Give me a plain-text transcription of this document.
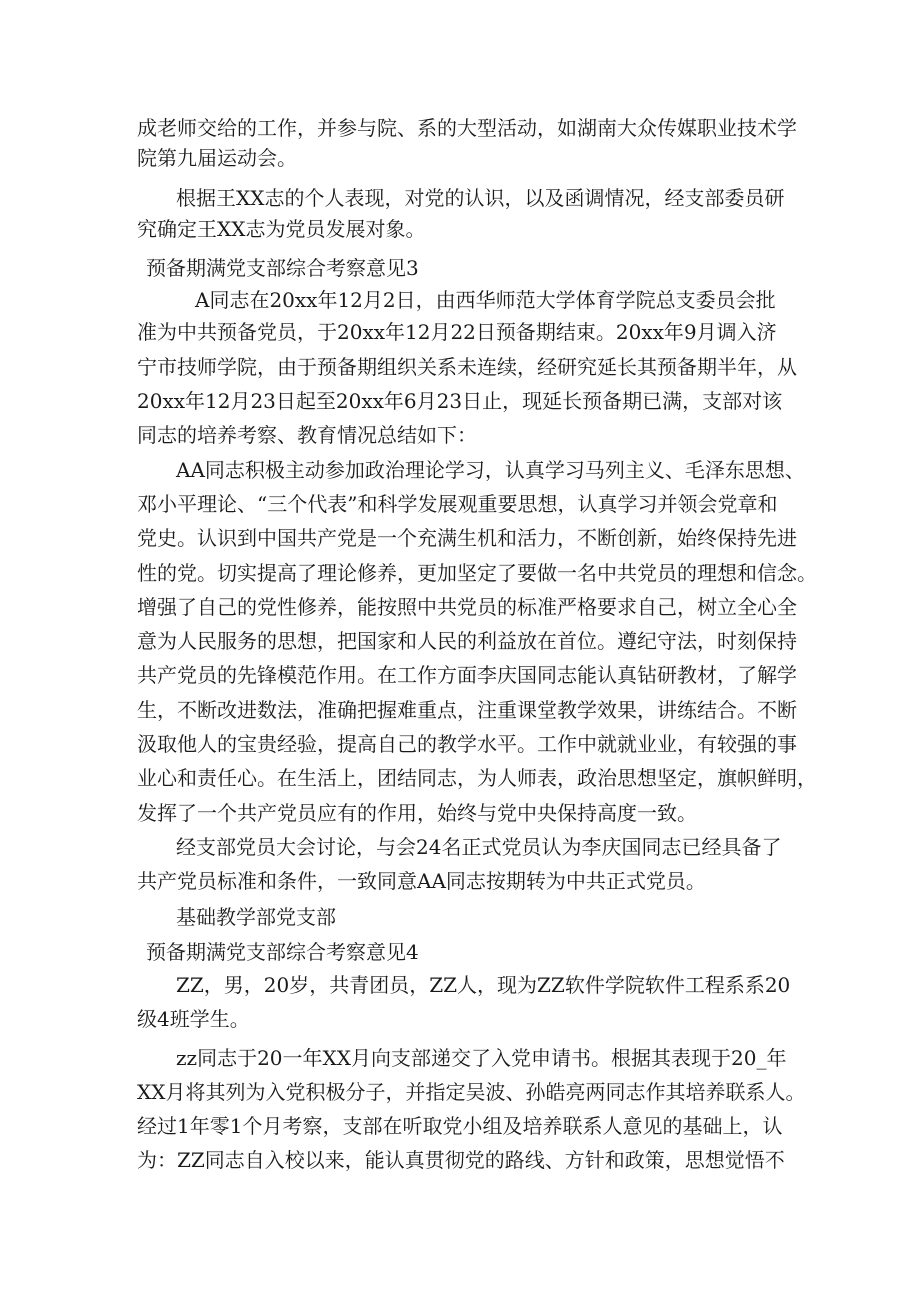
成老师交给的工作，并参与院、系的大型活动，如湖南大众传媒职业技术学
院第九届运动会。
根据王XX志的个人表现，对党的认识，以及函调情况，经支部委员研
究确定王XX志为党员发展对象。
预备期满党支部综合考察意见3
A同志在20xx年12月2日，由西华师范大学体育学院总支委员会批
准为中共预备党员，于20xx年12月22日预备期结束。20xx年9月调入济
宁市技师学院，由于预备期组织关系未连续，经研究延长其预备期半年，从
20xx年12月23日起至20xx年6月23日止，现延长预备期已满，支部对该
同志的培养考察、教育情况总结如下：
AA同志积极主动参加政治理论学习，认真学习马列主义、毛泽东思想、
邓小平理论、“三个代表”和科学发展观重要思想，认真学习并领会党章和
党史。认识到中国共产党是一个充满生机和活力，不断创新，始终保持先进
性的党。切实提高了理论修养，更加坚定了要做一名中共党员的理想和信念。
增强了自己的党性修养，能按照中共党员的标准严格要求自己，树立全心全
意为人民服务的思想，把国家和人民的利益放在首位。遵纪守法，时刻保持
共产党员的先锋模范作用。在工作方面李庆国同志能认真钻研教材，了解学
生，不断改进数法，准确把握难重点，注重课堂教学效果，讲练结合。不断
汲取他人的宝贵经验，提高自己的教学水平。工作中就就业业，有较强的事
业心和责任心。在生活上，团结同志，为人师表，政治思想坚定，旗帜鲜明，
发挥了一个共产党员应有的作用，始终与党中央保持高度一致。
经支部党员大会讨论，与会24名正式党员认为李庆国同志已经具备了
共产党员标准和条件，一致同意AA同志按期转为中共正式党员。
基础教学部党支部
预备期满党支部综合考察意见4
ZZ，男，20岁，共青团员，ZZ人，现为ZZ软件学院软件工程系系20
级4班学生。
zz同志于20一年XX月向支部递交了入党申请书。根据其表现于20_年
XX月将其列为入党积极分子，并指定吴波、孙皓亮两同志作其培养联系人。
经过1年零1个月考察，支部在听取党小组及培养联系人意见的基础上，认
为：ZZ同志自入校以来，能认真贯彻党的路线、方针和政策，思想觉悟不
